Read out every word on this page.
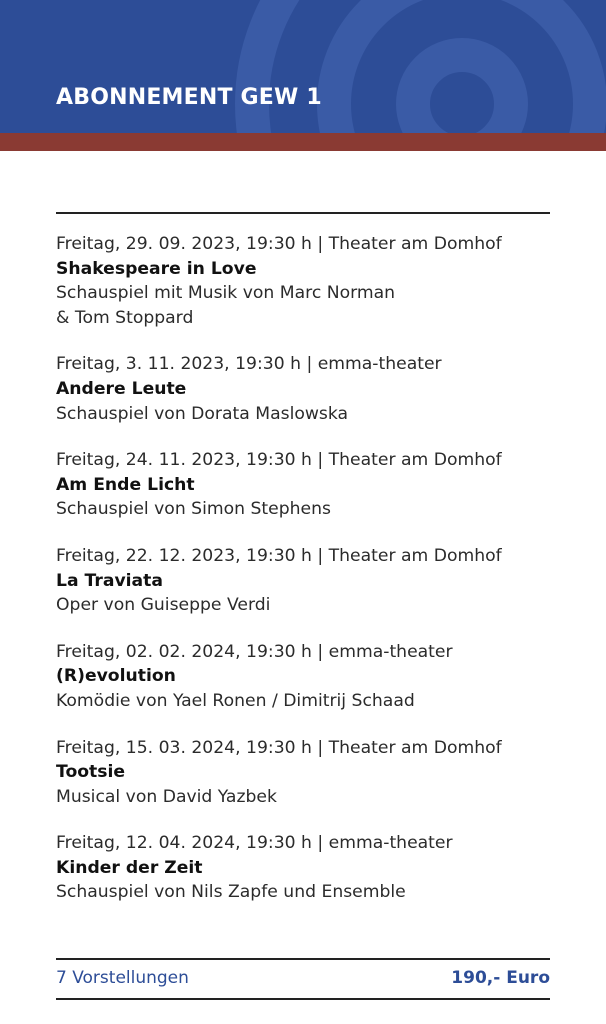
ABONNEMENT GEW 1
Freitag, 29. 09. 2023, 19:30 h | Theater am Domhof
Shakespeare in Love
Schauspiel mit Musik von Marc Norman
& Tom Stoppard
Freitag, 3. 11. 2023, 19:30 h | emma-theater
Andere Leute
Schauspiel von Dorata Maslowska
Freitag, 24. 11. 2023, 19:30 h | Theater am Domhof
Am Ende Licht
Schauspiel von Simon Stephens
Freitag, 22. 12. 2023, 19:30 h | Theater am Domhof
La Traviata
Oper von Guiseppe Verdi
Freitag, 02. 02. 2024, 19:30 h | emma-theater
(R)evolution
Komödie von Yael Ronen / Dimitrij Schaad
Freitag, 15. 03. 2024, 19:30 h | Theater am Domhof
Tootsie
Musical von David Yazbek
Freitag, 12. 04. 2024, 19:30 h | emma-theater
Kinder der Zeit
Schauspiel von Nils Zapfe und Ensemble
7 Vorstellungen	190,- Euro
